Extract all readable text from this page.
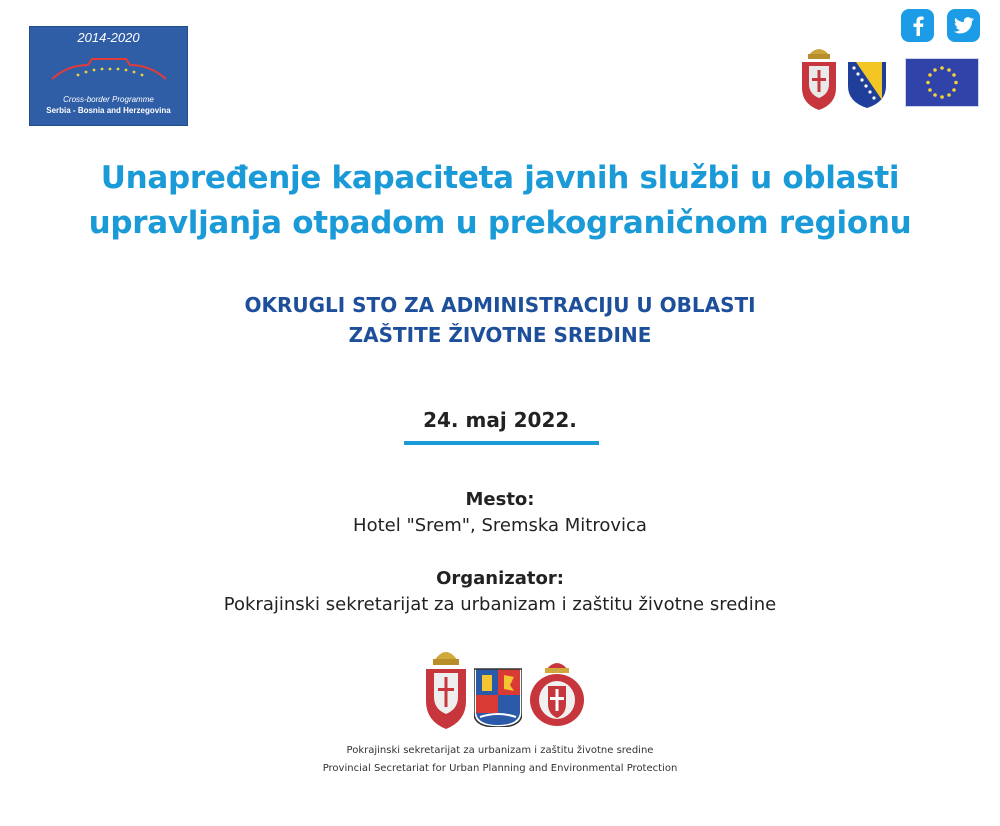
2014-2020
Cross-border Programme
Serbia - Bosnia and Herzegovina
Unapređenje kapaciteta javnih službi u oblasti
upravljanja otpadom u prekograničnom regionu
OKRUGLI STO ZA ADMINISTRACIJU U OBLASTI
ZAŠTITE ŽIVOTNE SREDINE
24. maj 2022.
Mesto:
Hotel "Srem", Sremska Mitrovica
Organizator:
Pokrajinski sekretarijat za urbanizam i zaštitu životne sredine
Pokrajinski sekretarijat za urbanizam i zaštitu životne sredine
Provincial Secretariat for Urban Planning and Environmental Protection
